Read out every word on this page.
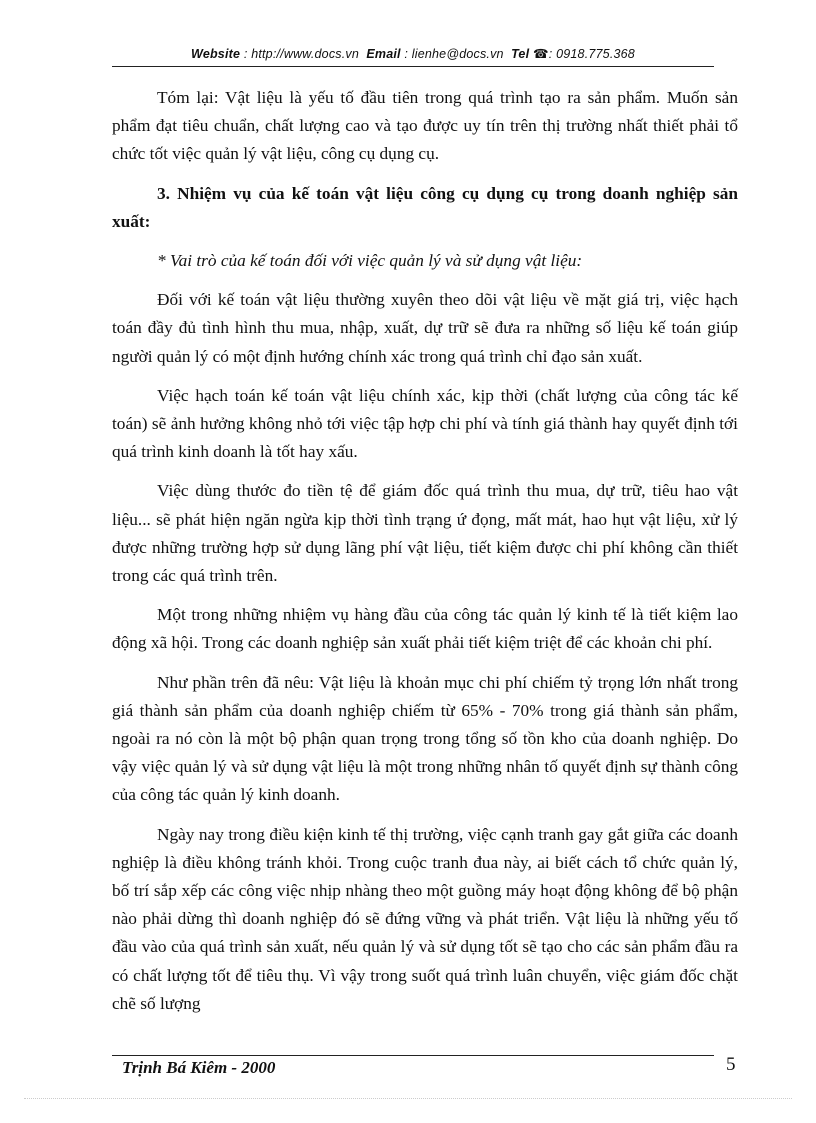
Website : http://www.docs.vn Email : lienhe@docs.vn Tel ☎: 0918.775.368

Tóm lại: Vật liệu là yếu tố đầu tiên trong quá trình tạo ra sản phẩm. Muốn sản phẩm đạt tiêu chuẩn, chất lượng cao và tạo được uy tín trên thị trường nhất thiết phải tổ chức tốt việc quản lý vật liệu, công cụ dụng cụ.

3. Nhiệm vụ của kế toán vật liệu công cụ dụng cụ trong doanh nghiệp sản xuất:

* Vai trò của kế toán đối với việc quản lý và sử dụng vật liệu:

Đối với kế toán vật liệu thường xuyên theo dõi vật liệu về mặt giá trị, việc hạch toán đầy đủ tình hình thu mua, nhập, xuất, dự trữ sẽ đưa ra những số liệu kế toán giúp người quản lý có một định hướng chính xác trong quá trình chỉ đạo sản xuất.

Việc hạch toán kế toán vật liệu chính xác, kịp thời (chất lượng của công tác kế toán) sẽ ảnh hưởng không nhỏ tới việc tập hợp chi phí và tính giá thành hay quyết định tới quá trình kinh doanh là tốt hay xấu.

Việc dùng thước đo tiền tệ để giám đốc quá trình thu mua, dự trữ, tiêu hao vật liệu... sẽ phát hiện ngăn ngừa kịp thời tình trạng ứ đọng, mất mát, hao hụt vật liệu, xử lý được những trường hợp sử dụng lãng phí vật liệu, tiết kiệm được chi phí không cần thiết trong các quá trình trên.

Một trong những nhiệm vụ hàng đầu của công tác quản lý kinh tế là tiết kiệm lao động xã hội. Trong các doanh nghiệp sản xuất phải tiết kiệm triệt để các khoản chi phí.

Như phần trên đã nêu: Vật liệu là khoản mục chi phí chiếm tỷ trọng lớn nhất trong giá thành sản phẩm của doanh nghiệp chiếm từ 65% - 70% trong giá thành sản phẩm, ngoài ra nó còn là một bộ phận quan trọng trong tổng số tồn kho của doanh nghiệp. Do vậy việc quản lý và sử dụng vật liệu là một trong những nhân tố quyết định sự thành công của công tác quản lý kinh doanh.

Ngày nay trong điều kiện kinh tế thị trường, việc cạnh tranh gay gắt giữa các doanh nghiệp là điều không tránh khỏi. Trong cuộc tranh đua này, ai biết cách tổ chức quản lý, bố trí sắp xếp các công việc nhịp nhàng theo một guồng máy hoạt động không để bộ phận nào phải dừng thì doanh nghiệp đó sẽ đứng vững và phát triển. Vật liệu là những yếu tố đầu vào của quá trình sản xuất, nếu quản lý và sử dụng tốt sẽ tạo cho các sản phẩm đầu ra có chất lượng tốt để tiêu thụ. Vì vậy trong suốt quá trình luân chuyển, việc giám đốc chặt chẽ số lượng

Trịnh Bá Kiêm - 2000	5
